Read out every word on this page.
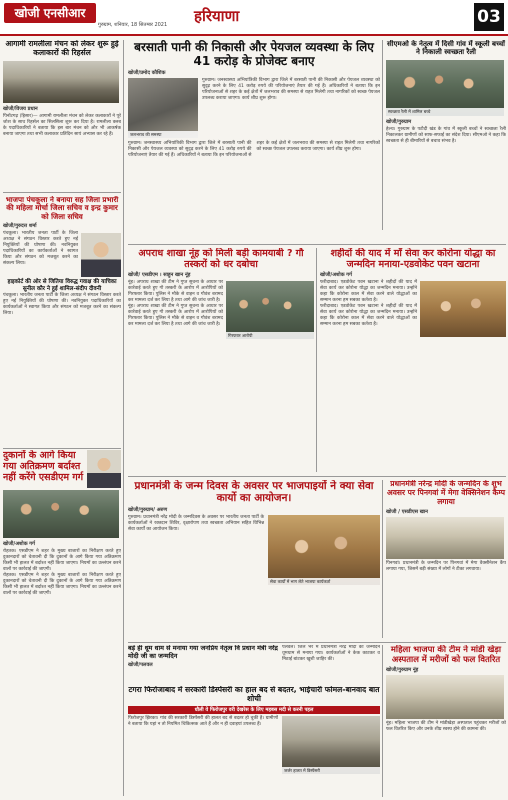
खोजी एनसीआर
गुरुग्राम, शनिवार, 18 सितम्बर 2021 हरियाणा	03
आगामी रामलीला मंचन को लेकर शुरू हुई कलाकारों की रिहर्सल
खोजी/विजय प्रधान
पिनोंटगढ़ (हिसार)— आगामी रामलीला मंचन को लेकर कलाकारों ने पूरे जोश के साथ रिहर्सल का सिलसिला शुरू कर दिया है। रामलीला क्लब के पदाधिकारियों ने बताया कि इस बार मंचन को और भी आकर्षक बनाया जाएगा तथा सभी कलाकार प्रतिदिन सायं अभ्यास कर रहे हैं।
भाजपा पंचकूला ने बनाया सह जिला प्रभारी की महिला मोर्चा जिला सचिव व इन्द्र कुमार को जिला सचिव
खोजी/गुरुदत्त शर्मा
पंचकूला। भारतीय जनता पार्टी के जिला अध्यक्ष ने संगठन विस्तार करते हुए नई नियुक्तियों की घोषणा की। नवनियुक्त पदाधिकारियों का कार्यकर्ताओं ने स्वागत किया और संगठन को मजबूत करने का संकल्प लिया।
हाइकोर्ट की ओर से जितिया विरुद्ध गवाक्ष की याचिका सुनील कौर ने हुई शामिल-संदीप दीवनी
पंचकूला। भारतीय जनता पार्टी के जिला अध्यक्ष ने संगठन विस्तार करते हुए नई नियुक्तियों की घोषणा की। नवनियुक्त पदाधिकारियों का कार्यकर्ताओं ने स्वागत किया और संगठन को मजबूत करने का संकल्प लिया।
दुकानों के आगे किया गया अतिक्रमण बर्दाश्त नहीं करेंगे एसडीएम गर्ग
खोजी/अशोक गर्ग
रोहतक। एसडीएम ने शहर के मुख्य बाजारों का निरीक्षण करते हुए दुकानदारों को चेतावनी दी कि दुकानों के आगे किया गया अतिक्रमण किसी भी हालत में बर्दाश्त नहीं किया जाएगा। नियमों का उल्लंघन करने वालों पर कार्रवाई की जाएगी।
रोहतक। एसडीएम ने शहर के मुख्य बाजारों का निरीक्षण करते हुए दुकानदारों को चेतावनी दी कि दुकानों के आगे किया गया अतिक्रमण किसी भी हालत में बर्दाश्त नहीं किया जाएगा। नियमों का उल्लंघन करने वालों पर कार्रवाई की जाएगी।
बरसाती पानी की निकासी और पेयजल व्यवस्था के लिए 41 करोड़ के प्रोजेक्ट बनाए
खोजी/प्रमोद कौशिक
जलभराव की समस्या
गुरुग्राम। जनस्वास्थ्य अभियांत्रिकी विभाग द्वारा जिले में बरसाती पानी की निकासी और पेयजल व्यवस्था को सुदृढ़ करने के लिए 41 करोड़ रुपये की परियोजनाएं तैयार की गई हैं। अधिकारियों ने बताया कि इन परियोजनाओं से शहर के कई क्षेत्रों में जलभराव की समस्या से राहत मिलेगी तथा नागरिकों को स्वच्छ पेयजल उपलब्ध कराया जाएगा। कार्य शीघ्र शुरू होगा।
गुरुग्राम। जनस्वास्थ्य अभियांत्रिकी विभाग द्वारा जिले में बरसाती पानी की निकासी और पेयजल व्यवस्था को सुदृढ़ करने के लिए 41 करोड़ रुपये की परियोजनाएं तैयार की गई हैं। अधिकारियों ने बताया कि इन परियोजनाओं से शहर के कई क्षेत्रों में जलभराव की समस्या से राहत मिलेगी तथा नागरिकों को स्वच्छ पेयजल उपलब्ध कराया जाएगा। कार्य शीघ्र शुरू होगा।
सीएमओ के नेतृत्व में दिसी गांव में स्कूली बच्चों ने निकाली स्वच्छता रैली
स्वच्छता रैली में शामिल बच्चे
खोजी/गुरुग्राम
हेल्थ। गुरुग्राम के पटौदी खंड के गांव में स्कूली बच्चों ने स्वच्छता रैली निकालकर ग्रामीणों को साफ-सफाई का संदेश दिया। सीएमओ ने कहा कि स्वच्छता से ही बीमारियों से बचाव संभव है।
अपराध शाखा नूंह को मिली बड़ी कामयाबी ? गौ तस्करों को धर दबोचा
खोजी/ एसडीएम । साहुन खान नूंह
गिरफ्तार आरोपी
नूंह। अपराध शाखा की टीम ने गुप्त सूचना के आधार पर कार्रवाई करते हुए गौ तस्करी के आरोप में आरोपियों को गिरफ्तार किया। पुलिस ने मौके से वाहन व गौवंश बरामद कर मामला दर्ज कर लिया है तथा आगे की जांच जारी है।
नूंह। अपराध शाखा की टीम ने गुप्त सूचना के आधार पर कार्रवाई करते हुए गौ तस्करी के आरोप में आरोपियों को गिरफ्तार किया। पुलिस ने मौके से वाहन व गौवंश बरामद कर मामला दर्ज कर लिया है तथा आगे की जांच जारी है।
शहीदों की याद में माँ सेवा कर कोरोना योद्धा का जन्मदिन मनाया-एडवोकेट पवन खटाना
खोजी/अशोक गर्ग
फरीदाबाद। एडवोकेट पवन खटाना ने शहीदों की याद में सेवा कार्य कर कोरोना योद्धा का जन्मदिन मनाया। उन्होंने कहा कि कोरोना काल में सेवा करने वाले योद्धाओं का सम्मान करना हम सबका कर्तव्य है।
फरीदाबाद। एडवोकेट पवन खटाना ने शहीदों की याद में सेवा कार्य कर कोरोना योद्धा का जन्मदिन मनाया। उन्होंने कहा कि कोरोना काल में सेवा करने वाले योद्धाओं का सम्मान करना हम सबका कर्तव्य है।
प्रधानमंत्री के जन्म दिवस के अवसर पर भाजपाइयों ने क्या सेवा कार्यो का आयोजन।
खोजी/गुरुग्राम/ अरुण
गुरुग्राम। प्रधानमंत्री नरेंद्र मोदी के जन्मदिवस के अवसर पर भारतीय जनता पार्टी के कार्यकर्ताओं ने रक्तदान शिविर, वृक्षारोपण तथा स्वच्छता अभियान सहित विभिन्न सेवा कार्यों का आयोजन किया।
सेवा कार्यों में भाग लेते भाजपा कार्यकर्ता
प्रधानमंत्री नरेन्द्र मोदी के जन्मदिन के शुभ अवसर पर पिनगवां में मेगा वेक्सिनेशन कैम्प लगाया
खोजी / एसडीएस खान
पिनगवां। प्रधानमंत्री के जन्मदिन पर पिनगवां में मेगा वैक्सीनेशन कैंप लगाया गया, जिसमें बड़ी संख्या में लोगों ने टीका लगवाया।
बड़े ही धूम धाम से मनाया गया जनप्रिय नेतृत्व वि प्रधान मंत्री नरेंद्र मोदी जी का जन्मदिन
खोजी/पलवल
टगरा फिरोजाबाद में सरकारी डिस्पेंसरी का हाल बद से बदतर, भाईचारी फोमल-बानवाद बात शोची
धौली वे फिरोजपुर वरी देखरेस के लिए महबस मदी से करनी पहल
फिरोजपुर झिरका। गांव की सरकारी डिस्पेंसरी की हालत बद से बदतर हो चुकी है। ग्रामीणों ने बताया कि यहां न तो नियमित चिकित्सक आते हैं और न ही दवाइयां उपलब्ध हैं।
जर्जर हालत में डिस्पेंसरी
पलवल। जिले भर में प्रधानमंत्री नरेंद्र मोदी का जन्मदिन धूमधाम से मनाया गया। कार्यकर्ताओं ने केक काटकर व मिठाई बांटकर खुशी जाहिर की।
महिला भाजपा की टीम ने मांडी खेड़ा अस्पताल में मरीजों को फल वितरित
खोजी/गुरुग्राम नूंह
नूंह। महिला भाजपा की टीम ने मांडीखेड़ा अस्पताल पहुंचकर मरीजों को फल वितरित किए और उनके शीघ्र स्वस्थ होने की कामना की।
